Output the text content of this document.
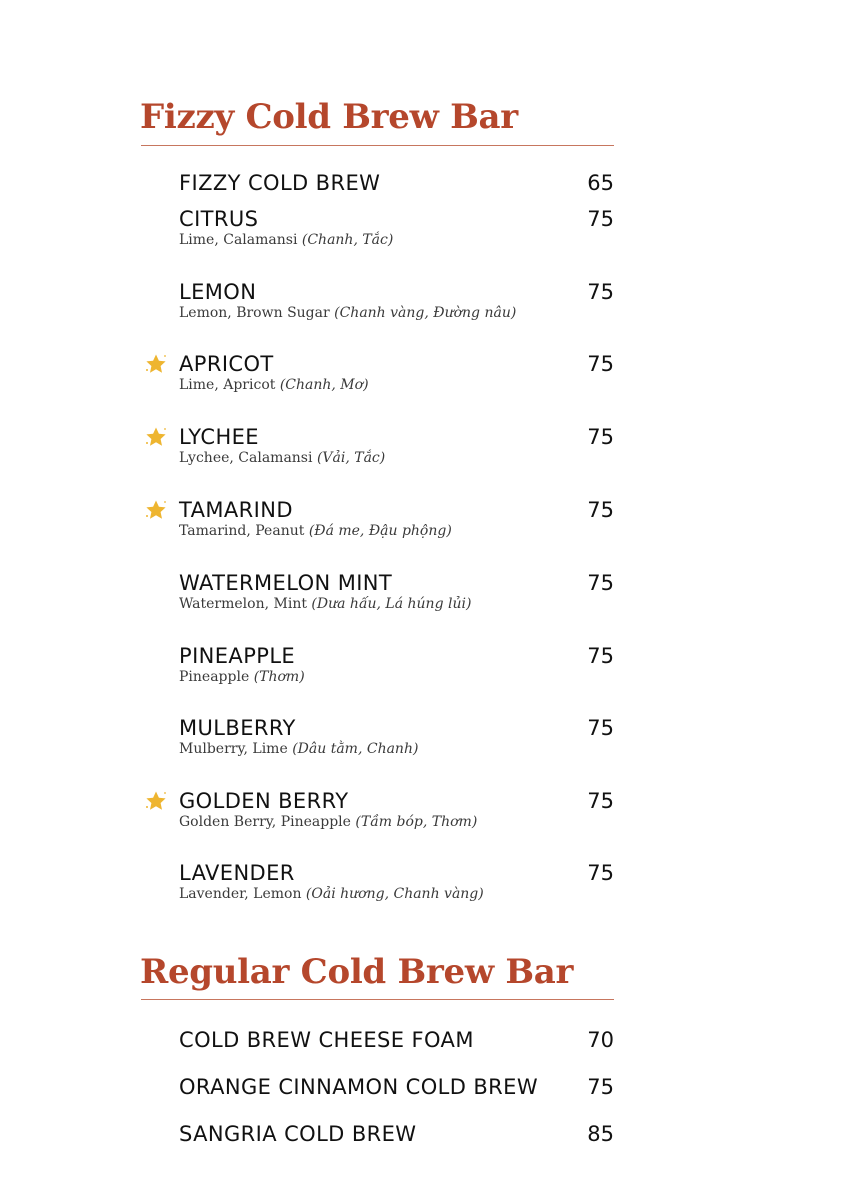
Fizzy Cold Brew Bar
FIZZY COLD BREW	65
CITRUS	75
Lime, Calamansi (Chanh, Tắc)
LEMON	75
Lemon, Brown Sugar (Chanh vàng, Đường nâu)
APRICOT	75
Lime, Apricot (Chanh, Mơ)
LYCHEE	75
Lychee, Calamansi (Vải, Tắc)
TAMARIND	75
Tamarind, Peanut (Đá me, Đậu phộng)
WATERMELON MINT	75
Watermelon, Mint (Dưa hấu, Lá húng lủi)
PINEAPPLE	75
Pineapple (Thơm)
MULBERRY	75
Mulberry, Lime (Dâu tằm, Chanh)
GOLDEN BERRY	75
Golden Berry, Pineapple (Tầm bóp, Thơm)
LAVENDER	75
Lavender, Lemon (Oải hương, Chanh vàng)
Regular Cold Brew Bar
COLD BREW CHEESE FOAM	70
ORANGE CINNAMON COLD BREW 75
SANGRIA COLD BREW	85
